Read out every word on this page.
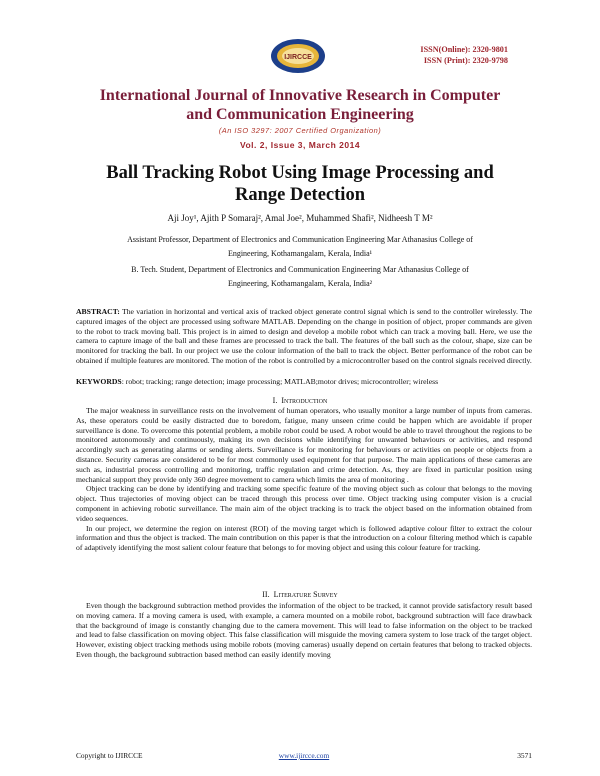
IJIRCCE
ISSN(Online): 2320-9801
ISSN (Print): 2320-9798
International Journal of Innovative Research in Computer
and Communication Engineering
(An ISO 3297: 2007 Certified Organization)
Vol. 2, Issue 3, March 2014
Ball Tracking Robot Using Image Processing and
Range Detection
Aji Joy¹, Ajith P Somaraj², Amal Joe², Muhammed Shafi², Nidheesh T M²
Assistant Professor, Department of Electronics and Communication Engineering Mar Athanasius College of
Engineering, Kothamangalam, Kerala, India¹
B. Tech. Student, Department of Electronics and Communication Engineering Mar Athanasius College of
Engineering, Kothamangalam, Kerala, India²
ABSTRACT: The variation in horizontal and vertical axis of tracked object generate control signal which is send to the controller wirelessly. The captured images of the object are processed using software MATLAB. Depending on the change in position of object, proper commands are given to the robot to track moving ball. This project is in aimed to design and develop a mobile robot which can track a moving ball. Here, we use the camera to capture image of the ball and these frames are processed to track the ball. The features of the ball such as the colour, shape, size can be monitored for tracking the ball. In our project we use the colour information of the ball to track the object. Better performance of the robot can be obtained if multiple features are monitored. The motion of the robot is controlled by a microcontroller based on the control signals received directly.
KEYWORDS: robot; tracking; range detection; image processing; MATLAB;motor drives; microcontroller; wireless
I. Introduction

The major weakness in surveillance rests on the involvement of human operators, who usually monitor a large number of inputs from cameras. As, these operators could be easily distracted due to boredom, fatigue, many unseen crime could be happen which are avoidable if proper surveillance is done. To overcome this potential problem, a mobile robot could be used. A robot would be able to travel throughout the regions to be monitored autonomously and continuously, making its own decisions while identifying for unwanted behaviours or activities, and respond accordingly such as generating alarms or sending alerts. Surveillance is for monitoring for behaviours or activities on people or objects from a distance. Security cameras are considered to be for most commonly used equipment for that purpose. The main applications of these cameras are such as, industrial process controlling and monitoring, traffic regulation and crime detection. As, they are fixed in particular position using mechanical support they provide only 360 degree movement to camera which limits the area of monitoring .

Object tracking can be done by identifying and tracking some specific feature of the moving object such as colour that belongs to the moving object. Thus trajectories of moving object can be traced through this process over time. Object tracking using computer vision is a crucial component in achieving robotic surveillance. The main aim of the object tracking is to track the object based on the information obtained from video sequences.

In our project, we determine the region on interest (ROI) of the moving target which is followed adaptive colour filter to extract the colour information and thus the object is tracked. The main contribution on this paper is that the introduction on a colour filtering method which is capable of adaptively identifying the most salient colour feature that belongs to for moving object and using this colour feature for tracking.

II. Literature Survey

Even though the background subtraction method provides the information of the object to be tracked, it cannot provide satisfactory result based on moving camera. If a moving camera is used, with example, a camera mounted on a mobile robot, background subtraction will face drawback that the background of image is constantly changing due to the camera movement. This will lead to false information on the object to be tracked and lead to false classification on moving object. This false classification will misguide the moving camera system to lose track of the target object. However, existing object tracking methods using mobile robots (moving cameras) usually depend on certain features that belong to tracked objects. Even though, the background subtraction based method can easily identify moving

Copyright to IJIRCCE	www.ijircce.com	3571
